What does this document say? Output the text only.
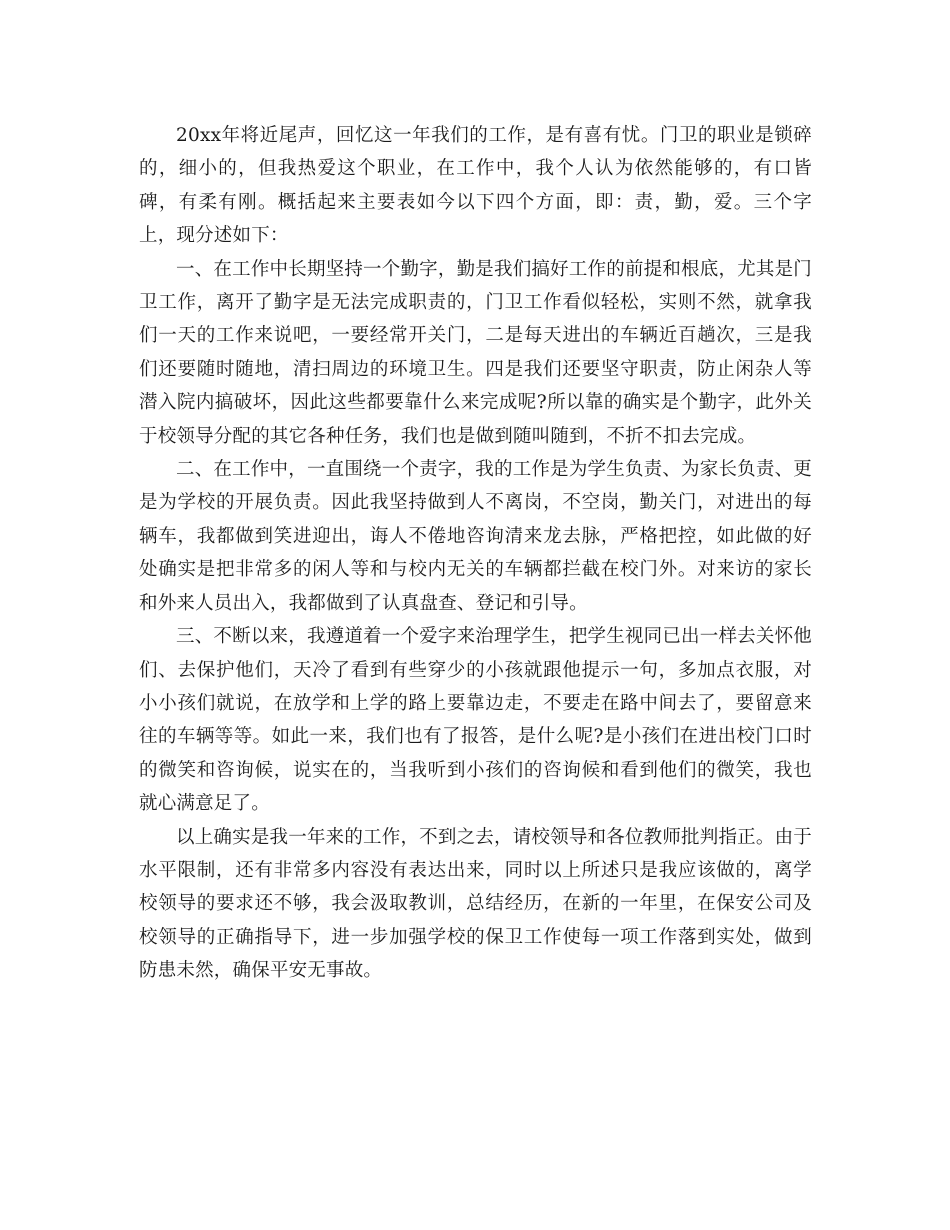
20xx年将近尾声，回忆这一年我们的工作，是有喜有忧。门卫的职业是锁碎的，细小的，但我热爱这个职业，在工作中，我个人认为依然能够的，有口皆碑，有柔有刚。概括起来主要表如今以下四个方面，即：责，勤，爱。三个字上，现分述如下：

一、在工作中长期坚持一个勤字，勤是我们搞好工作的前提和根底，尤其是门卫工作，离开了勤字是无法完成职责的，门卫工作看似轻松，实则不然，就拿我们一天的工作来说吧，一要经常开关门，二是每天进出的车辆近百趟次，三是我们还要随时随地，清扫周边的环境卫生。四是我们还要坚守职责，防止闲杂人等潜入院内搞破坏，因此这些都要靠什么来完成呢?所以靠的确实是个勤字，此外关于校领导分配的其它各种任务，我们也是做到随叫随到，不折不扣去完成。

二、在工作中，一直围绕一个责字，我的工作是为学生负责、为家长负责、更是为学校的开展负责。因此我坚持做到人不离岗，不空岗，勤关门，对进出的每辆车，我都做到笑进迎出，诲人不倦地咨询清来龙去脉，严格把控，如此做的好处确实是把非常多的闲人等和与校内无关的车辆都拦截在校门外。对来访的家长和外来人员出入，我都做到了认真盘查、登记和引导。

三、不断以来，我遵道着一个爱字来治理学生，把学生视同已出一样去关怀他们、去保护他们，天冷了看到有些穿少的小孩就跟他提示一句，多加点衣服，对小小孩们就说，在放学和上学的路上要靠边走，不要走在路中间去了，要留意来往的车辆等等。如此一来，我们也有了报答，是什么呢?是小孩们在进出校门口时的微笑和咨询候，说实在的，当我听到小孩们的咨询候和看到他们的微笑，我也就心满意足了。

以上确实是我一年来的工作，不到之去，请校领导和各位教师批判指正。由于水平限制，还有非常多内容没有表达出来，同时以上所述只是我应该做的，离学校领导的要求还不够，我会汲取教训，总结经历，在新的一年里，在保安公司及校领导的正确指导下，进一步加强学校的保卫工作使每一项工作落到实处，做到防患未然，确保平安无事故。
